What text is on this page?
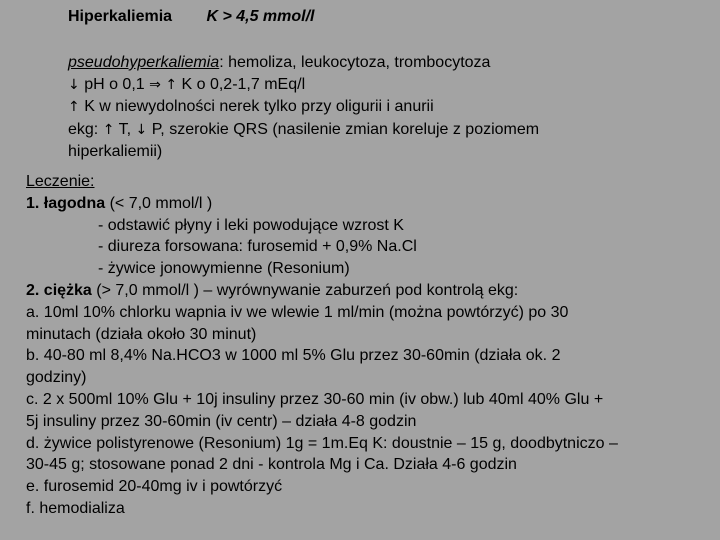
Hiperkaliemia K > 4,5 mmol/l
pseudohyperkaliemia: hemoliza, leukocytoza, trombocytoza
↓ pH o 0,1 ⇒ ↑ K o 0,2-1,7 mEq/l
↑ K w niewydolności nerek tylko przy oligurii i anurii
ekg: ↑ T, ↓ P, szerokie QRS (nasilenie zmian koreluje z poziomem
hiperkaliemii)
Leczenie:
1. łagodna (< 7,0 mmol/l )
- odstawić płyny i leki powodujące wzrost K
- diureza forsowana: furosemid + 0,9% Na.Cl
- żywice jonowymienne (Resonium)
2. ciężka (> 7,0 mmol/l ) – wyrównywanie zaburzeń pod kontrolą ekg:
a. 10ml 10% chlorku wapnia iv we wlewie 1 ml/min (można powtórzyć) po 30
minutach (działa około 30 minut)
b. 40-80 ml 8,4% Na.HCO3 w 1000 ml 5% Glu przez 30-60min (działa ok. 2
godziny)
c. 2 x 500ml 10% Glu + 10j insuliny przez 30-60 min (iv obw.) lub 40ml 40% Glu +
5j insuliny przez 30-60min (iv centr) – działa 4-8 godzin
d. żywice polistyrenowe (Resonium) 1g = 1m.Eq K: doustnie – 15 g, doodbytniczo –
30-45 g; stosowane ponad 2 dni - kontrola Mg i Ca. Działa 4-6 godzin
e. furosemid 20-40mg iv i powtórzyć
f. hemodializa
